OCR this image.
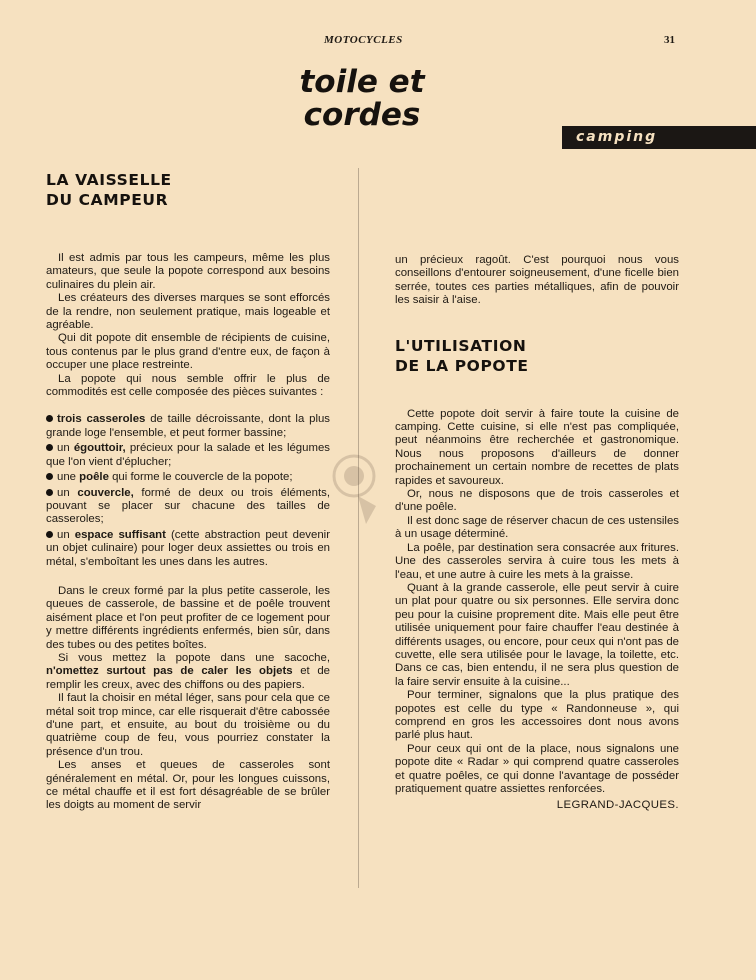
MOTOCYCLES	31
toile et
cordes
camping
LA VAISSELLE
DU CAMPEUR

Il est admis par tous les campeurs, même les plus amateurs, que seule la popote correspond aux besoins culinaires du plein air.

Les créateurs des diverses marques se sont efforcés de la rendre, non seulement pratique, mais logeable et agréable.

Qui dit popote dit ensemble de récipients de cuisine, tous contenus par le plus grand d'entre eux, de façon à occuper une place restreinte.

La popote qui nous semble offrir le plus de commodités est celle composée des pièces suivantes :

trois casseroles de taille décroissante, dont la plus grande loge l'ensemble, et peut former bassine;

un égouttoir, précieux pour la salade et les légumes que l'on vient d'éplucher;

une poêle qui forme le couvercle de la popote;

un couvercle, formé de deux ou trois éléments, pouvant se placer sur chacune des tailles de casseroles;

un espace suffisant (cette abstraction peut devenir un objet culinaire) pour loger deux assiettes ou trois en métal, s'emboîtant les unes dans les autres.

Dans le creux formé par la plus petite casserole, les queues de casserole, de bassine et de poêle trouvent aisément place et l'on peut profiter de ce logement pour y mettre différents ingrédients enfermés, bien sûr, dans des tubes ou des petites boîtes.

Si vous mettez la popote dans une sacoche, n'omettez surtout pas de caler les objets et de remplir les creux, avec des chiffons ou des papiers.

Il faut la choisir en métal léger, sans pour cela que ce métal soit trop mince, car elle risquerait d'être cabossée d'une part, et ensuite, au bout du troisième ou du quatrième coup de feu, vous pourriez constater la présence d'un trou.

Les anses et queues de casseroles sont généralement en métal. Or, pour les longues cuissons, ce métal chauffe et il est fort désagréable de se brûler les doigts au moment de servir

un précieux ragoût. C'est pourquoi nous vous conseillons d'entourer soigneusement, d'une ficelle bien serrée, toutes ces parties métalliques, afin de pouvoir les saisir à l'aise.

L'UTILISATION
DE LA POPOTE

Cette popote doit servir à faire toute la cuisine de camping. Cette cuisine, si elle n'est pas compliquée, peut néanmoins être recherchée et gastronomique. Nous nous proposons d'ailleurs de donner prochainement un certain nombre de recettes de plats rapides et savoureux.

Or, nous ne disposons que de trois casseroles et d'une poêle.

Il est donc sage de réserver chacun de ces ustensiles à un usage déterminé.

La poêle, par destination sera consacrée aux fritures. Une des casseroles servira à cuire tous les mets à l'eau, et une autre à cuire les mets à la graisse.

Quant à la grande casserole, elle peut servir à cuire un plat pour quatre ou six personnes. Elle servira donc peu pour la cuisine proprement dite. Mais elle peut être utilisée uniquement pour faire chauffer l'eau destinée à différents usages, ou encore, pour ceux qui n'ont pas de cuvette, elle sera utilisée pour le lavage, la toilette, etc. Dans ce cas, bien entendu, il ne sera plus question de la faire servir ensuite à la cuisine...

Pour terminer, signalons que la plus pratique des popotes est celle du type « Randonneuse », qui comprend en gros les accessoires dont nous avons parlé plus haut.

Pour ceux qui ont de la place, nous signalons une popote dite « Radar » qui comprend quatre casseroles et quatre poêles, ce qui donne l'avantage de posséder pratiquement quatre assiettes renforcées.

LEGRAND-JACQUES.
